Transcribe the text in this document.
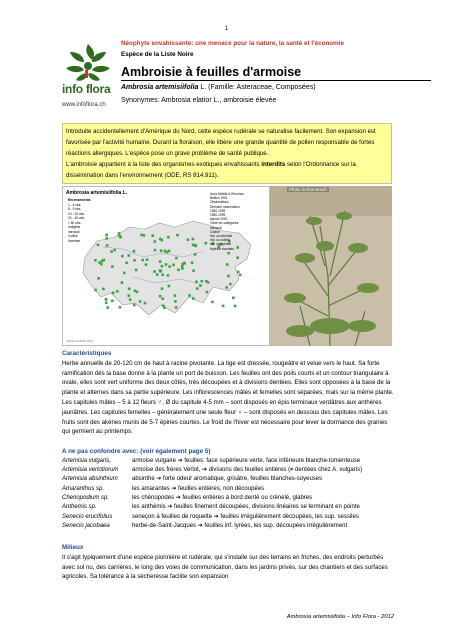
1
info flora
www.infoflora.ch
Néophyte envahissante: une menace pour la nature, la santé et l'économie
Espèce de la Liste Noire
Ambroisie à feuilles d'armoise
Ambrosia artemisiifolia L. (Famille: Asteraceae, Composées)
Synonymes: Ambrosia elatior L., ambroisie élevée
Introduite accidentellement d'Amérique du Nord, cette espèce rudérale se naturalise facilement. Son expansion est favorisée par l'activité humaine. Durant la floraison, elle libère une grande quantité de pollen responsable de fortes réactions allergiques. L'espèce pose un grave problème de santé publique.
L'ambroisie appartient à la liste des organismes exotiques envahissants interdits selon l'Ordonnance sur la dissémination dans l'environnement (ODE, RS 814.911).
Ambrosia artemisiifolia L.
Recensements
1 - 4 obs.
5 - 9 obs.
10 - 19 obs.
20 - 49 obs.
> 50 obs.
Indigène
Introduit
Cultivé
Incertain
Alors Maillet & Recenso
Bellion 1991
Observations
Dernière observation
1950-1999
1980-1999
depuis 2000
Toute les catégories
Introduit
Cultivé
Ind. ou introduit
Ind. ou cultivé
Ind. ou hybride
Hybride incertain
Infoflora/CRSF 2012
Photo S.Rometsch
Caractéristiques
Herbe annuelle de 20-120 cm de haut à racine pivotante. La tige est dressée, rougeâtre et velue vers le haut. Sa forte ramification dès la base donne à la plante un port de buisson. Les feuilles ont des poils courts et un contour triangulaire à ovale, elles sont vert uniforme des deux côtés, très découpées et à divisions dentées. Elles sont opposées à la base de la plante et alternes dans sa partie supérieure. Les inflorescences mâles et femelles sont séparées, mais sur la même plante. Les capitules mâles – 5 à 12 fleurs ♂, Ø du capitule 4-5 mm – sont disposés en épis terminaux verdâtres aux anthères jaunâtres. Les capitules femelles – généralement une seule fleur ♀ – sont disposés en dessous des capitules mâles. Les fruits sont des akènes munis de 5-7 épines courtes. Le froid de l'hiver est nécessaire pour lever la dormance des graines qui germent au printemps.
A ne pas confondre avec: (voir également page 5)
Artemisia vulgaris,	armoise vulgaire ➔ feuilles: face supérieure verte, face inférieure blanche-tomenteuse
Artemisia verlotiorum	armoise des frères Verlot, ➔ divisions des feuilles entières (≠ dentées chez A. vulgaris)
Artemisia absinthium	absinthe ➔ forte odeur aromatique, grisâtre, feuilles blanches-soyeuses
Amaranthus sp.	les amarantes ➔ feuilles entières, non découpées
Chenopodium sp.	les chénopodes ➔ feuilles entières à bord denté ou crénelé, glabres
Anthemis sp.	les anthémis ➔ feuilles finement découpées, divisions linéaires se terminant en pointe
Senecio erucifolius	seneçon à feuilles de roquette ➔ feuilles irrégulièrement découpées, les sup. sessiles
Senecio jacobaea	herbe-de-Saint-Jacques ➔ feuilles inf. lyrées, les sup. découpées irrégulièrement
Milieux
Il s'agit typiquement d'une espèce pionnière et rudérale, qui s'installe sur des terrains en friches, des endroits perturbés avec sol nu, des carrières, le long des voies de communication, dans les jardins privés, sur des chantiers et des surfaces agricoles. Sa tolérance à la sécheresse facilite son expansion
Ambrosia artemisiifolia – Info Flora - 2012
